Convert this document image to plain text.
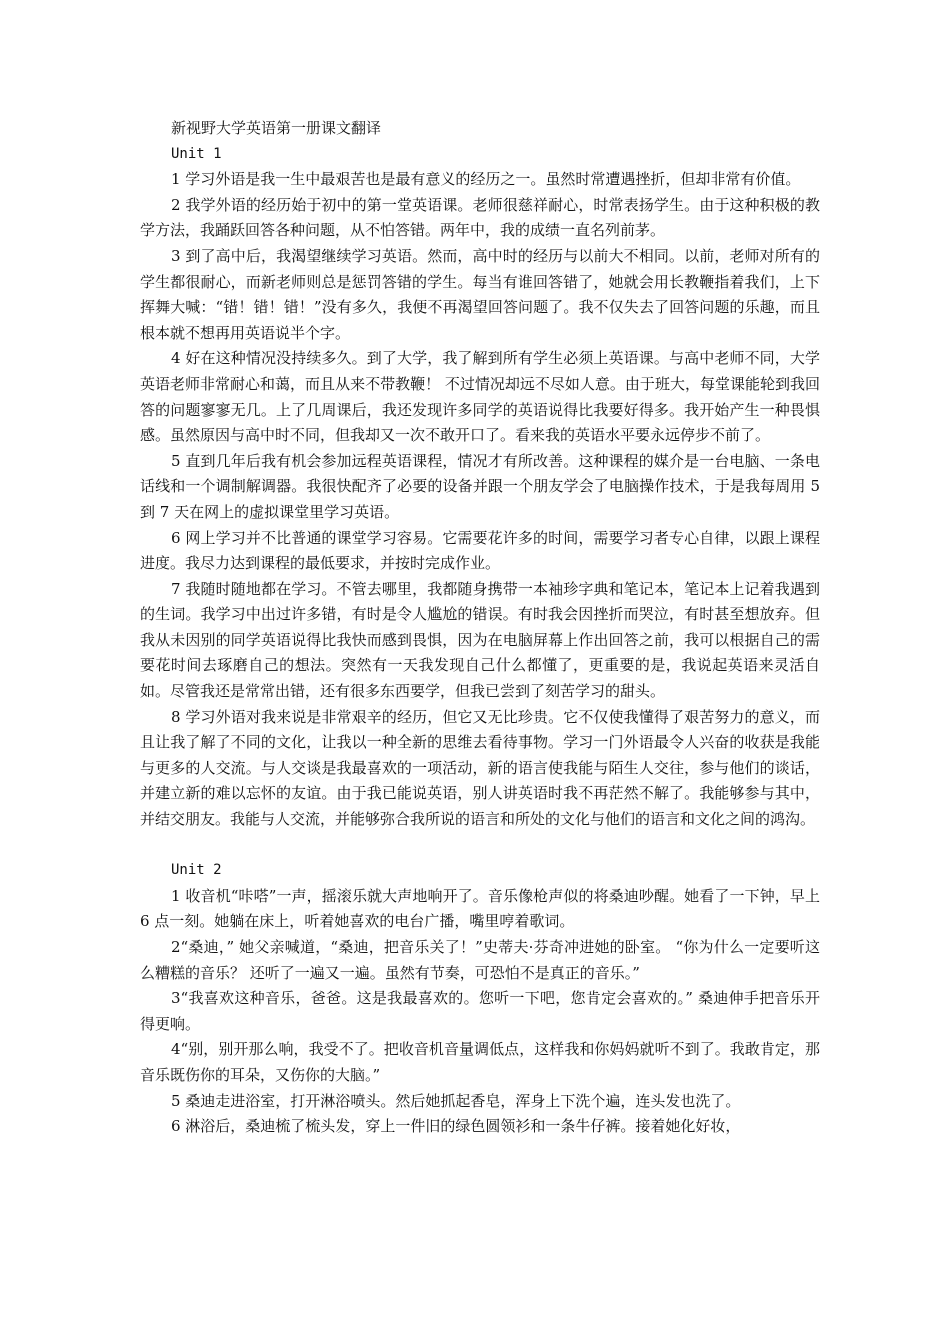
新视野大学英语第一册课文翻译

Unit 1

1 学习外语是我一生中最艰苦也是最有意义的经历之一。虽然时常遭遇挫折，但却非常有价值。

2 我学外语的经历始于初中的第一堂英语课。老师很慈祥耐心，时常表扬学生。由于这种积极的教学方法，我踊跃回答各种问题，从不怕答错。两年中，我的成绩一直名列前茅。

3 到了高中后，我渴望继续学习英语。然而，高中时的经历与以前大不相同。以前，老师对所有的学生都很耐心，而新老师则总是惩罚答错的学生。每当有谁回答错了，她就会用长教鞭指着我们，上下挥舞大喊：“错！错！错！”没有多久，我便不再渴望回答问题了。我不仅失去了回答问题的乐趣，而且根本就不想再用英语说半个字。

4 好在这种情况没持续多久。到了大学，我了解到所有学生必须上英语课。与高中老师不同，大学英语老师非常耐心和蔼，而且从来不带教鞭！ 不过情况却远不尽如人意。由于班大，每堂课能轮到我回答的问题寥寥无几。上了几周课后，我还发现许多同学的英语说得比我要好得多。我开始产生一种畏惧感。虽然原因与高中时不同，但我却又一次不敢开口了。看来我的英语水平要永远停步不前了。

5 直到几年后我有机会参加远程英语课程，情况才有所改善。这种课程的媒介是一台电脑、一条电话线和一个调制解调器。我很快配齐了必要的设备并跟一个朋友学会了电脑操作技术，于是我每周用 5 到 7 天在网上的虚拟课堂里学习英语。

6 网上学习并不比普通的课堂学习容易。它需要花许多的时间，需要学习者专心自律，以跟上课程进度。我尽力达到课程的最低要求，并按时完成作业。

7 我随时随地都在学习。不管去哪里，我都随身携带一本袖珍字典和笔记本，笔记本上记着我遇到的生词。我学习中出过许多错，有时是令人尴尬的错误。有时我会因挫折而哭泣，有时甚至想放弃。但我从未因别的同学英语说得比我快而感到畏惧，因为在电脑屏幕上作出回答之前，我可以根据自己的需要花时间去琢磨自己的想法。突然有一天我发现自己什么都懂了，更重要的是，我说起英语来灵活自如。尽管我还是常常出错，还有很多东西要学，但我已尝到了刻苦学习的甜头。

8 学习外语对我来说是非常艰辛的经历，但它又无比珍贵。它不仅使我懂得了艰苦努力的意义，而且让我了解了不同的文化，让我以一种全新的思维去看待事物。学习一门外语最令人兴奋的收获是我能与更多的人交流。与人交谈是我最喜欢的一项活动，新的语言使我能与陌生人交往，参与他们的谈话，并建立新的难以忘怀的友谊。由于我已能说英语，别人讲英语时我不再茫然不解了。我能够参与其中，并结交朋友。我能与人交流，并能够弥合我所说的语言和所处的文化与他们的语言和文化之间的鸿沟。

Unit 2

1 收音机“咔嗒”一声，摇滚乐就大声地响开了。音乐像枪声似的将桑迪吵醒。她看了一下钟，早上 6 点一刻。她躺在床上，听着她喜欢的电台广播，嘴里哼着歌词。

2“桑迪，” 她父亲喊道，“桑迪，把音乐关了！”史蒂夫·芬奇冲进她的卧室。 “你为什么一定要听这么糟糕的音乐？ 还听了一遍又一遍。虽然有节奏，可恐怕不是真正的音乐。”

3“我喜欢这种音乐，爸爸。这是我最喜欢的。您听一下吧，您肯定会喜欢的。” 桑迪伸手把音乐开得更响。

4“别，别开那么响，我受不了。把收音机音量调低点，这样我和你妈妈就听不到了。我敢肯定，那音乐既伤你的耳朵，又伤你的大脑。”

5 桑迪走进浴室，打开淋浴喷头。然后她抓起香皂，浑身上下洗个遍，连头发也洗了。

6 淋浴后，桑迪梳了梳头发，穿上一件旧的绿色圆领衫和一条牛仔裤。接着她化好妆，
